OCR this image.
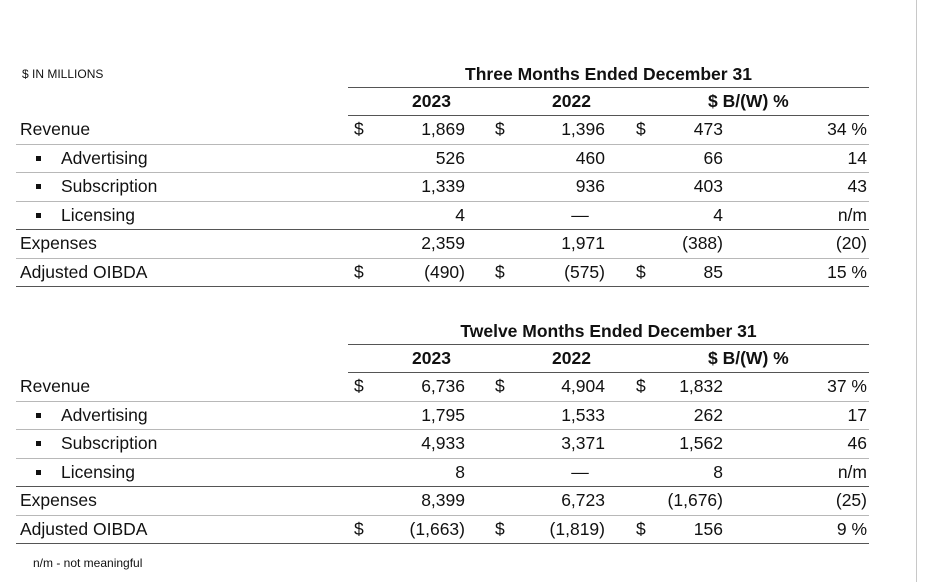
$ IN MILLIONS	Three Months Ended December 31
2023	2022	$ B/(W) %
Revenue	$	1,869 $	1,396 $	473	34 %
Advertising	526	460	66	14
Subscription	1,339	936	403	43
Licensing	4	—	4	n/m
Expenses	2,359	1,971	(388)	(20)
Adjusted OIBDA	$	(490) $	(575) $	85	15 %
Twelve Months Ended December 31
2023	2022	$ B/(W) %
Revenue	$	6,736 $	4,904 $ 1,832	37 %
Advertising	1,795	1,533	262	17
Subscription	4,933	3,371	1,562	46
Licensing	8	—	8	n/m
Expenses	8,399	6,723	(1,676)	(25)
Adjusted OIBDA	$	(1,663) $	(1,819) $	156	9 %
n/m - not meaningful
